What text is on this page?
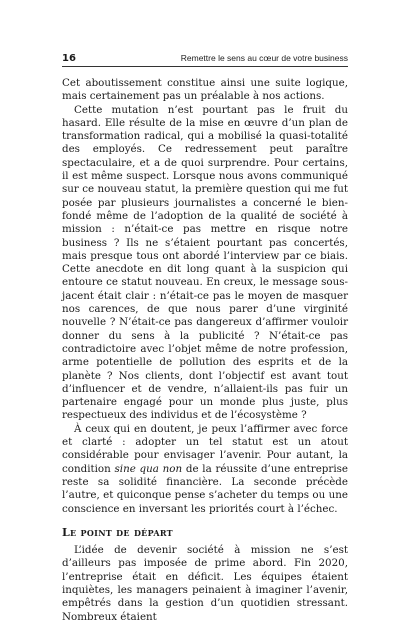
16	Remettre le sens au cœur de votre business

Cet aboutissement constitue ainsi une suite logique, mais certainement pas un préalable à nos actions.

Cette mutation n’est pourtant pas le fruit du hasard. Elle résulte de la mise en œuvre d’un plan de transformation radical, qui a mobilisé la quasi-totalité des employés. Ce redressement peut paraître spectaculaire, et a de quoi surprendre. Pour certains, il est même suspect. Lorsque nous avons communiqué sur ce nouveau statut, la première question qui me fut posée par plusieurs journalistes a concerné le bien-fondé même de l’adoption de la qualité de société à mission : n’était-ce pas mettre en risque notre business ? Ils ne s’étaient pourtant pas concertés, mais presque tous ont abordé l’interview par ce biais. Cette anecdote en dit long quant à la suspicion qui entoure ce statut nouveau. En creux, le message sous-jacent était clair : n’était-ce pas le moyen de masquer nos carences, de que nous parer d’une virginité nouvelle ? N’était-ce pas dangereux d’affirmer vouloir donner du sens à la publicité ? N’était-ce pas contradictoire avec l’objet même de notre profession, arme potentielle de pollution des esprits et de la planète ? Nos clients, dont l’objectif est avant tout d’influencer et de vendre, n’allaient-ils pas fuir un partenaire engagé pour un monde plus juste, plus respectueux des individus et de l’écosystème ?

À ceux qui en doutent, je peux l’affirmer avec force et clarté : adopter un tel statut est un atout considérable pour envisager l’avenir. Pour autant, la condition sine qua non de la réussite d’une entreprise reste sa solidité financière. La seconde précède l’autre, et quiconque pense s’acheter du temps ou une conscience en inversant les priorités court à l’échec.

Le point de départ

L’idée de devenir société à mission ne s’est d’ailleurs pas imposée de prime abord. Fin 2020, l’entreprise était en déficit. Les équipes étaient inquiètes, les managers peinaient à imaginer l’avenir, empêtrés dans la gestion d’un quotidien stressant. Nombreux étaient
